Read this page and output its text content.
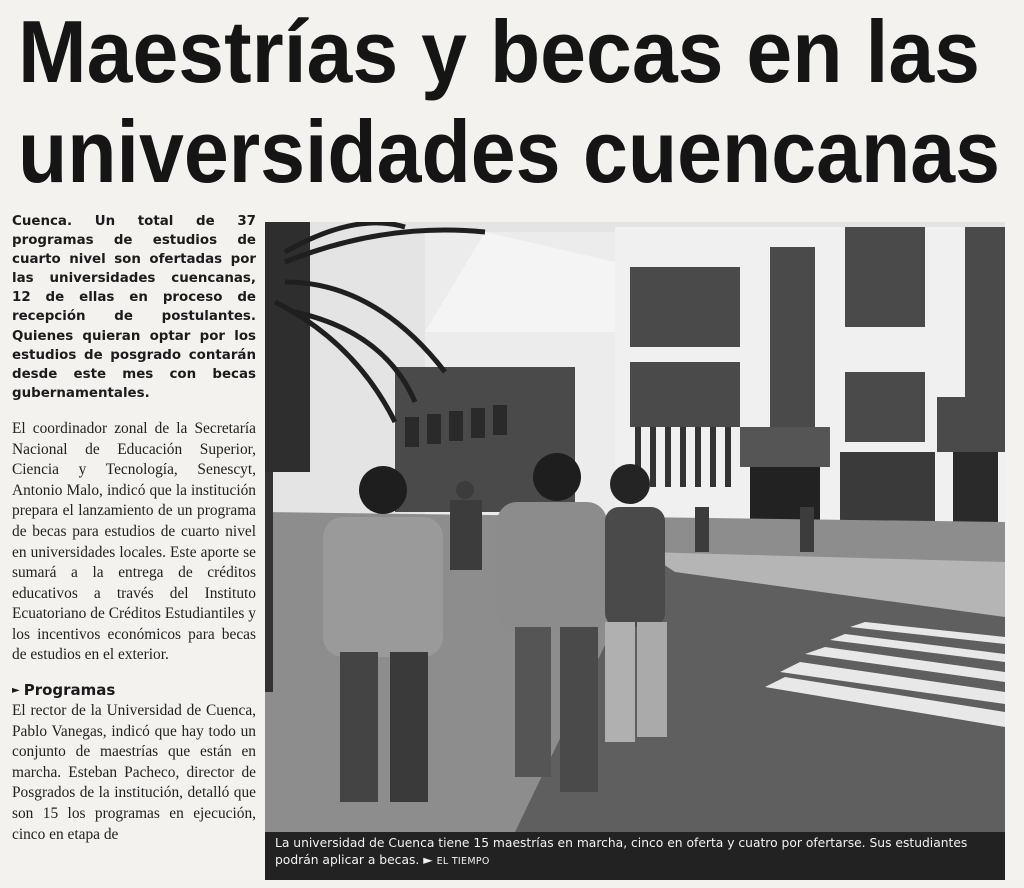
Maestrías y becas en las
universidades cuencanas

Cuenca. Un total de 37 programas de estudios de cuarto nivel son ofertadas por las universidades cuencanas, 12 de ellas en proceso de recepción de postulantes. Quienes quieran optar por los estudios de posgrado contarán desde este mes con becas gubernamentales.

El coordinador zonal de la Secretaría Nacional de Educación Superior, Ciencia y Tecnología, Senescyt, Antonio Malo, indicó que la institución prepara el lanzamiento de un programa de becas para estudios de cuarto nivel en universidades locales. Este aporte se sumará a la entrega de créditos educativos a través del Instituto Ecuatoriano de Créditos Estudiantiles y los incentivos económicos para becas de estudios en el exterior.

► Programas

El rector de la Universidad de Cuenca, Pablo Vanegas, indicó que hay todo un conjunto de maestrías que están en marcha. Esteban Pacheco, director de Posgrados de la institución, detalló que son 15 los programas en ejecución, cinco en etapa de

La universidad de Cuenca tiene 15 maestrías en marcha, cinco en oferta y cuatro por ofertarse. Sus estudiantes podrán aplicar a becas. ► EL TIEMPO
